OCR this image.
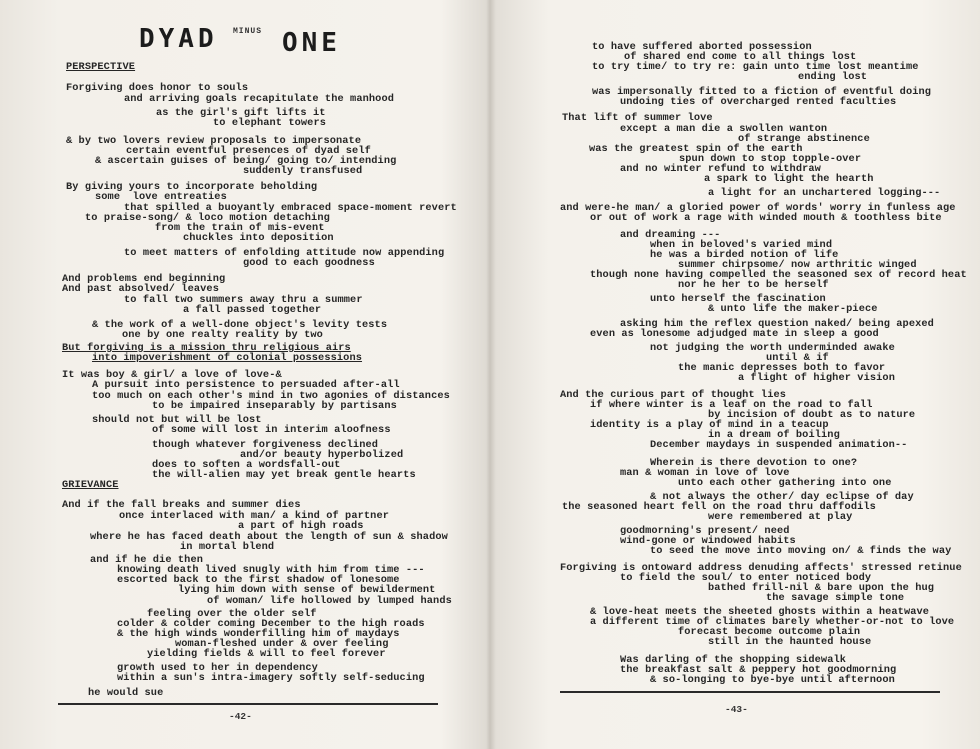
DYAD MINUS ONE
PERSPECTIVE
Forgiving does honor to souls
and arriving goals recapitulate the manhood
as the girl's gift lifts it
to elephant towers
& by two lovers review proposals to impersonate
certain eventful presences of dyad self
& ascertain guises of being/ going to/ intending
suddenly transfused
By giving yours to incorporate beholding
some  love entreaties
that spilled a buoyantly embraced space-moment revert
to praise-song/ & loco motion detaching
from the train of mis-event
chuckles into deposition
to meet matters of enfolding attitude now appending
good to each goodness
And problems end beginning
And past absolved/ leaves
to fall two summers away thru a summer
a fall passed together
& the work of a well-done object's levity tests
one by one realty reality by two
But forgiving is a mission thru religious airs
into impoverishment of colonial possessions
It was boy & girl/ a love of love-&
A pursuit into persistence to persuaded after-all
too much on each other's mind in two agonies of distances
to be impaired inseparably by partisans
should not but will be lost
of some will lost in interim aloofness
though whatever forgiveness declined
and/or beauty hyperbolized
does to soften a wordsfall-out
the will-alien may yet break gentle hearts
GRIEVANCE
And if the fall breaks and summer dies
once interlaced with man/ a kind of partner
a part of high roads
where he has faced death about the length of sun & shadow
in mortal blend
and if he die then
knowing death lived snugly with him from time ---
escorted back to the first shadow of lonesome
lying him down with sense of bewilderment
of woman/ life hollowed by lumped hands
feeling over the older self
colder & colder coming December to the high roads
& the high winds wonderfilling him of maydays
woman-fleshed under & over feeling
yielding fields & will to feel forever
growth used to her in dependency
within a sun's intra-imagery softly self-seducing
he would sue
-42-
to have suffered aborted possession
of shared end come to all things lost
to try time/ to try re: gain unto time lost meantime
ending lost
was impersonally fitted to a fiction of eventful doing
undoing ties of overcharged rented faculties
That lift of summer love
except a man die a swollen wanton
of strange abstinence
was the greatest spin of the earth
spun down to stop topple-over
and no winter refund to withdraw
a spark to light the hearth
a light for an unchartered logging---
and were-he man/ a gloried power of words' worry in funless age
or out of work a rage with winded mouth & toothless bite
and dreaming ---
when in beloved's varied mind
he was a birded notion of life
summer chirpsome/ now arthritic winged
though none having compelled the seasoned sex of record heat
nor he her to be herself
unto herself the fascination
& unto life the maker-piece
asking him the reflex question naked/ being apexed
even as lonesome adjudged mate in sleep a good
not judging the worth underminded awake
until & if
the manic depresses both to favor
a flight of higher vision
And the curious part of thought lies
if where winter is a leaf on the road to fall
by incision of doubt as to nature
identity is a play of mind in a teacup
in a dream of boiling
December maydays in suspended animation--
Wherein is there devotion to one?
man & woman in love of love
unto each other gathering into one
& not always the other/ day eclipse of day
the seasoned heart fell on the road thru daffodils
were remembered at play
goodmorning's present/ need
wind-gone or windowed habits
to seed the move into moving on/ & finds the way
Forgiving is ontoward address denuding affects' stressed retinue
to field the soul/ to enter noticed body
bathed frill-nil & bare upon the hug
the savage simple tone
& love-heat meets the sheeted ghosts within a heatwave
a different time of climates barely whether-or-not to love
forecast become outcome plain
still in the haunted house
Was darling of the shopping sidewalk
the breakfast salt & peppery hot goodmorning
& so-longing to bye-bye until afternoon
-43-
